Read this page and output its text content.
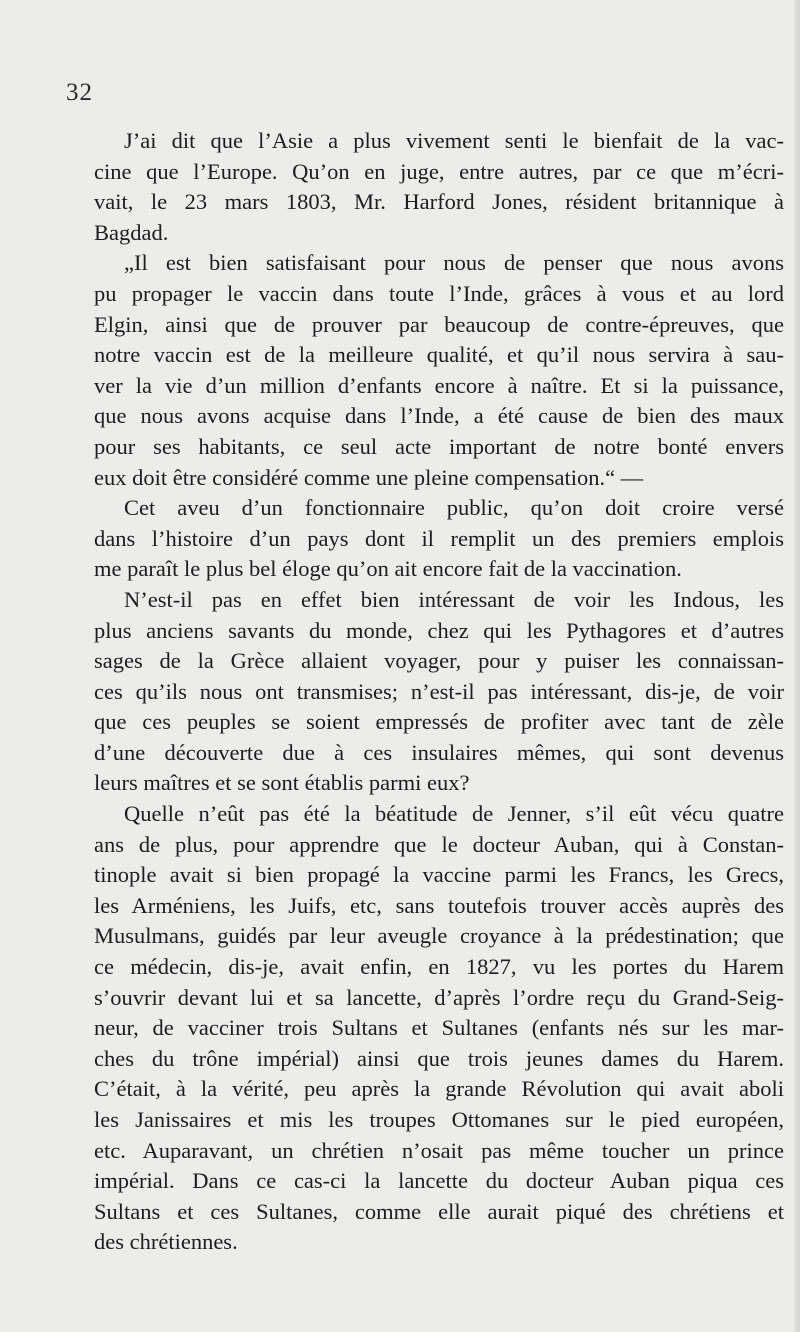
32
J’ai dit que l’Asie a plus vivement senti le bienfait de la vac-
cine que l’Europe. Qu’on en juge, entre autres, par ce que m’écri-
vait, le 23 mars 1803, Mr. Harford Jones, résident britannique à
Bagdad.
„Il est bien satisfaisant pour nous de penser que nous avons
pu propager le vaccin dans toute l’Inde, grâces à vous et au lord
Elgin, ainsi que de prouver par beaucoup de contre-épreuves, que
notre vaccin est de la meilleure qualité, et qu’il nous servira à sau-
ver la vie d’un million d’enfants encore à naître. Et si la puissance,
que nous avons acquise dans l’Inde, a été cause de bien des maux
pour ses habitants, ce seul acte important de notre bonté envers
eux doit être considéré comme une pleine compensation.“ —
Cet aveu d’un fonctionnaire public, qu’on doit croire versé
dans l’histoire d’un pays dont il remplit un des premiers emplois
me paraît le plus bel éloge qu’on ait encore fait de la vaccination.
N’est-il pas en effet bien intéressant de voir les Indous, les
plus anciens savants du monde, chez qui les Pythagores et d’autres
sages de la Grèce allaient voyager, pour y puiser les connaissan-
ces qu’ils nous ont transmises; n’est-il pas intéressant, dis-je, de voir
que ces peuples se soient empressés de profiter avec tant de zèle
d’une découverte due à ces insulaires mêmes, qui sont devenus
leurs maîtres et se sont établis parmi eux?
Quelle n’eût pas été la béatitude de Jenner, s’il eût vécu quatre
ans de plus, pour apprendre que le docteur Auban, qui à Constan-
tinople avait si bien propagé la vaccine parmi les Francs, les Grecs,
les Arméniens, les Juifs, etc, sans toutefois trouver accès auprès des
Musulmans, guidés par leur aveugle croyance à la prédestination; que
ce médecin, dis-je, avait enfin, en 1827, vu les portes du Harem
s’ouvrir devant lui et sa lancette, d’après l’ordre reçu du Grand-Seig-
neur, de vacciner trois Sultans et Sultanes (enfants nés sur les mar-
ches du trône impérial) ainsi que trois jeunes dames du Harem.
C’était, à la vérité, peu après la grande Révolution qui avait aboli
les Janissaires et mis les troupes Ottomanes sur le pied européen,
etc. Auparavant, un chrétien n’osait pas même toucher un prince
impérial. Dans ce cas-ci la lancette du docteur Auban piqua ces
Sultans et ces Sultanes, comme elle aurait piqué des chrétiens et
des chrétiennes.
